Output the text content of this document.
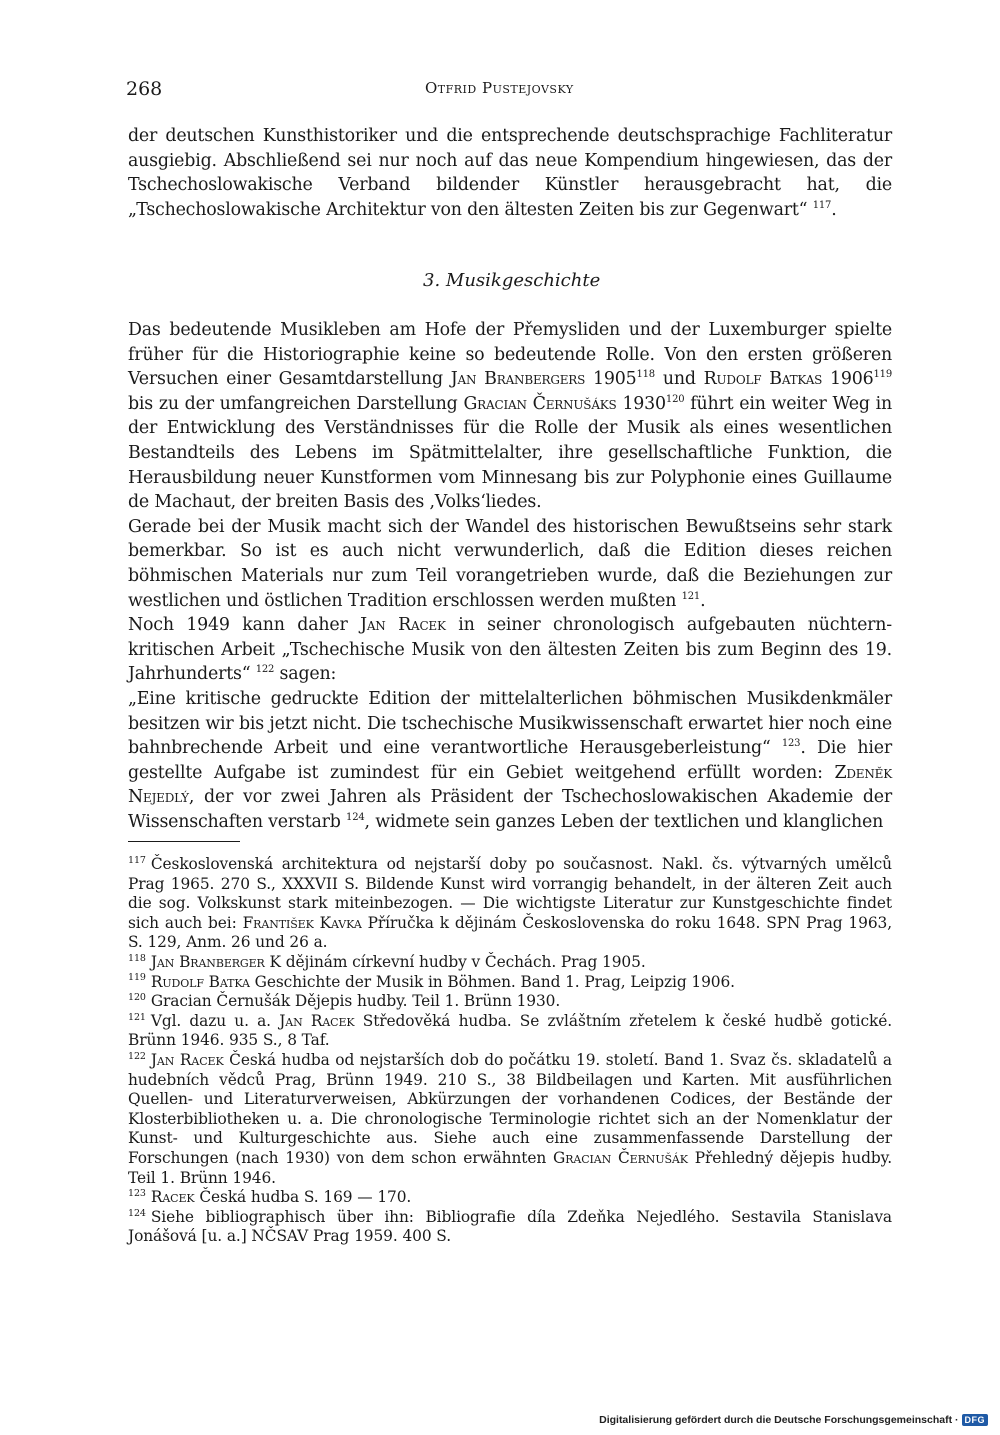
268	Otfrid Pustejovsky

der deutschen Kunsthistoriker und die entsprechende deutschsprachige Fachliteratur ausgiebig. Abschließend sei nur noch auf das neue Kompendium hingewiesen, das der Tschechoslowakische Verband bildender Künstler herausgebracht hat, die „Tschechoslowakische Architektur von den ältesten Zeiten bis zur Gegenwart“ $^{117}$.

3. Musikgeschichte

Das bedeutende Musikleben am Hofe der Přemysliden und der Luxemburger spielte früher für die Historiographie keine so bedeutende Rolle. Von den ersten größeren Versuchen einer Gesamtdarstellung Jan Branbergers 1905$^{118}$ und Rudolf Batkas 1906$^{119}$ bis zu der umfangreichen Darstellung Gracian Černušáks 1930$^{120}$ führt ein weiter Weg in der Entwicklung des Verständnisses für die Rolle der Musik als eines wesentlichen Bestandteils des Lebens im Spätmittelalter, ihre gesellschaftliche Funktion, die Herausbildung neuer Kunstformen vom Minnesang bis zur Polyphonie eines Guillaume de Machaut, der breiten Basis des ‚Volks‘liedes.

Gerade bei der Musik macht sich der Wandel des historischen Bewußtseins sehr stark bemerkbar. So ist es auch nicht verwunderlich, daß die Edition dieses reichen böhmischen Materials nur zum Teil vorangetrieben wurde, daß die Beziehungen zur westlichen und östlichen Tradition erschlossen werden mußten $^{121}$.

Noch 1949 kann daher Jan Racek in seiner chronologisch aufgebauten nüchtern-kritischen Arbeit „Tschechische Musik von den ältesten Zeiten bis zum Beginn des 19. Jahrhunderts“ $^{122}$ sagen:

„Eine kritische gedruckte Edition der mittelalterlichen böhmischen Musikdenkmäler besitzen wir bis jetzt nicht. Die tschechische Musikwissenschaft erwartet hier noch eine bahnbrechende Arbeit und eine verantwortliche Herausgeberleistung“ $^{123}$. Die hier gestellte Aufgabe ist zumindest für ein Gebiet weitgehend erfüllt worden: Zdeněk Nejedlý, der vor zwei Jahren als Präsident der Tschechoslowakischen Akademie der Wissenschaften verstarb $^{124}$, widmete sein ganzes Leben der textlichen und klanglichen

$^{117}$ Československá architektura od nejstarší doby po současnost. Nakl. čs. výtvarných umělců Prag 1965. 270 S., XXXVII S. Bildende Kunst wird vorrangig behandelt, in der älteren Zeit auch die sog. Volkskunst stark miteinbezogen. — Die wichtigste Literatur zur Kunstgeschichte findet sich auch bei: František Kavka Příručka k dějinám Československa do roku 1648. SPN Prag 1963, S. 129, Anm. 26 und 26 a.

$^{118}$ Jan Branberger K dějinám církevní hudby v Čechách. Prag 1905.

$^{119}$ Rudolf Batka Geschichte der Musik in Böhmen. Band 1. Prag, Leipzig 1906.

$^{120}$ Gracian Černušák Dějepis hudby. Teil 1. Brünn 1930.

$^{121}$ Vgl. dazu u. a. Jan Racek Středověká hudba. Se zvláštním zřetelem k české hudbě gotické. Brünn 1946. 935 S., 8 Taf.

$^{122}$ Jan Racek Česká hudba od nejstarších dob do počátku 19. století. Band 1. Svaz čs. skladatelů a hudebních vědců Prag, Brünn 1949. 210 S., 38 Bildbeilagen und Karten. Mit ausführlichen Quellen- und Literaturverweisen, Abkürzungen der vorhandenen Codices, der Bestände der Klosterbibliotheken u. a. Die chronologische Terminologie richtet sich an der Nomenklatur der Kunst- und Kulturgeschichte aus. Siehe auch eine zusammenfassende Darstellung der Forschungen (nach 1930) von dem schon erwähnten Gracian Černušák Přehledný dějepis hudby. Teil 1. Brünn 1946.

$^{123}$ Racek Česká hudba S. 169 — 170.

$^{124}$ Siehe bibliographisch über ihn: Bibliografie díla Zdeňka Nejedlého. Sestavila Stanislava Jonášová [u. a.] NČSAV Prag 1959. 400 S.

Digitalisierung gefördert durch die Deutsche Forschungsgemeinschaft · DFG
